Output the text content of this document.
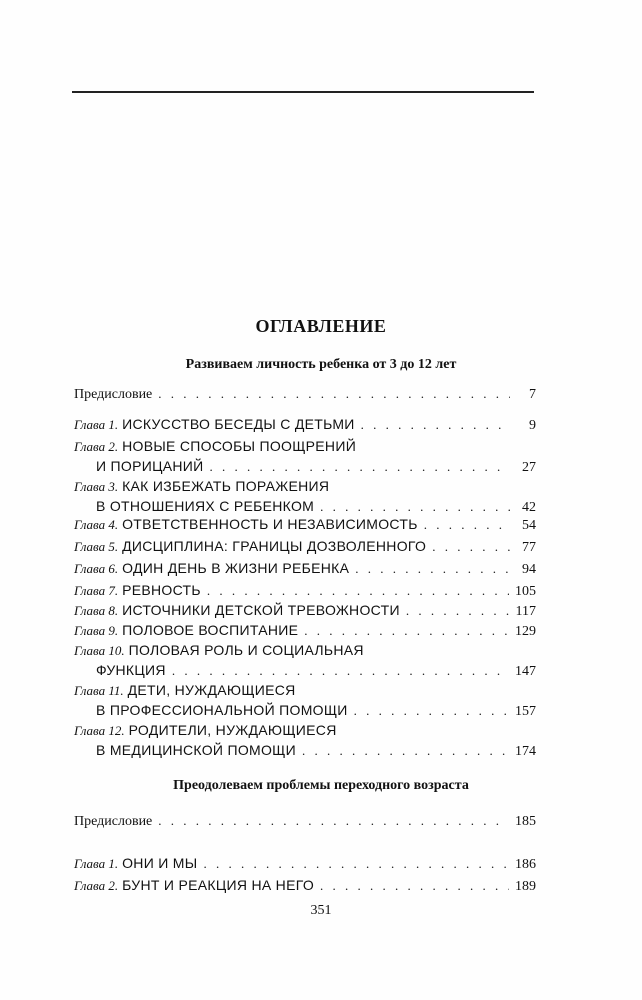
ОГЛАВЛЕНИЕ
Развиваем личность ребенка от 3 до 12 лет
Предисловие . . .	7
Глава 1. ИСКУССТВО БЕСЕДЫ С ДЕТЬМИ . . .	9
Глава 2. НОВЫЕ СПОСОБЫ ПООЩРЕНИЙ
И ПОРИЦАНИЙ . . .	27
Глава 3. КАК ИЗБЕЖАТЬ ПОРАЖЕНИЯ
В ОТНОШЕНИЯХ С РЕБЕНКОМ . . .	42
Глава 4. ОТВЕТСТВЕННОСТЬ И НЕЗАВИСИМОСТЬ . . .	54
Глава 5. ДИСЦИПЛИНА: ГРАНИЦЫ ДОЗВОЛЕННОГО . . .	77
Глава 6. ОДИН ДЕНЬ В ЖИЗНИ РЕБЕНКА . . .	94
Глава 7. РЕВНОСТЬ . . .	105
Глава 8. ИСТОЧНИКИ ДЕТСКОЙ ТРЕВОЖНОСТИ . . .	117
Глава 9. ПОЛОВОЕ ВОСПИТАНИЕ . . .	129
Глава 10. ПОЛОВАЯ РОЛЬ И СОЦИАЛЬНАЯ
ФУНКЦИЯ . . .	147
Глава 11. ДЕТИ, НУЖДАЮЩИЕСЯ
В ПРОФЕССИОНАЛЬНОЙ ПОМОЩИ . . .	157
Глава 12. РОДИТЕЛИ, НУЖДАЮЩИЕСЯ
В МЕДИЦИНСКОЙ ПОМОЩИ . . .	174
Преодолеваем проблемы переходного возраста
Предисловие . . .	185
Глава 1. ОНИ И МЫ . . .	186
Глава 2. БУНТ И РЕАКЦИЯ НА НЕГО . . .	189
351
